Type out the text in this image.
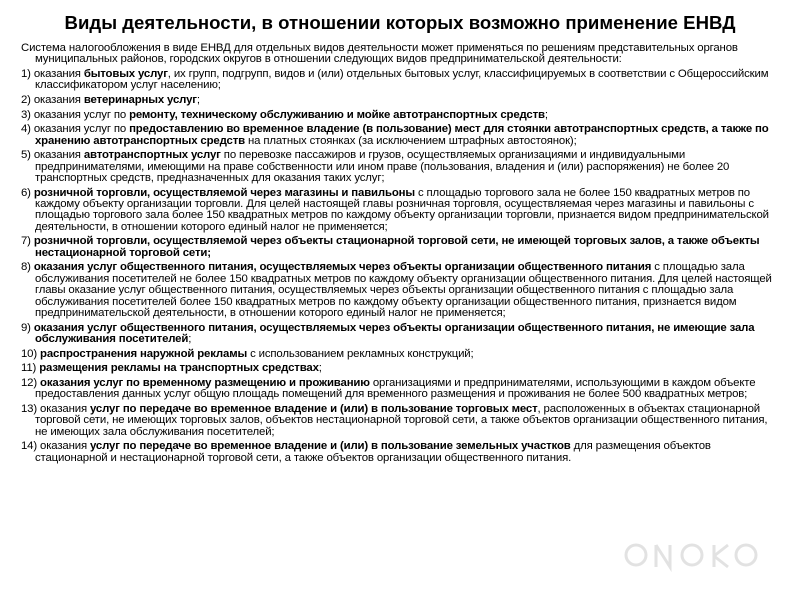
Виды деятельности, в отношении которых возможно применение ЕНВД

Система налогообложения в виде ЕНВД для отдельных видов деятельности может применяться по решениям представительных органов муниципальных районов, городских округов в отношении следующих видов предпринимательской деятельности:

1) оказания бытовых услуг, их групп, подгрупп, видов и (или) отдельных бытовых услуг, классифицируемых в соответствии с Общероссийским классификатором услуг населению;

2) оказания ветеринарных услуг;

3) оказания услуг по ремонту, техническому обслуживанию и мойке автотранспортных средств;

4) оказания услуг по предоставлению во временное владение (в пользование) мест для стоянки автотранспортных средств, а также по хранению автотранспортных средств на платных стоянках (за исключением штрафных автостоянок);

5) оказания автотранспортных услуг по перевозке пассажиров и грузов, осуществляемых организациями и индивидуальными предпринимателями, имеющими на праве собственности или ином праве (пользования, владения и (или) распоряжения) не более 20 транспортных средств, предназначенных для оказания таких услуг;

6) розничной торговли, осуществляемой через магазины и павильоны с площадью торгового зала не более 150 квадратных метров по каждому объекту организации торговли. Для целей настоящей главы розничная торговля, осуществляемая через магазины и павильоны с площадью торгового зала более 150 квадратных метров по каждому объекту организации торговли, признается видом предпринимательской деятельности, в отношении которого единый налог не применяется;

7) розничной торговли, осуществляемой через объекты стационарной торговой сети, не имеющей торговых залов, а также объекты нестационарной торговой сети;

8) оказания услуг общественного питания, осуществляемых через объекты организации общественного питания с площадью зала обслуживания посетителей не более 150 квадратных метров по каждому объекту организации общественного питания. Для целей настоящей главы оказание услуг общественного питания, осуществляемых через объекты организации общественного питания с площадью зала обслуживания посетителей более 150 квадратных метров по каждому объекту организации общественного питания, признается видом предпринимательской деятельности, в отношении которого единый налог не применяется;

9) оказания услуг общественного питания, осуществляемых через объекты организации общественного питания, не имеющие зала обслуживания посетителей;

10) распространения наружной рекламы с использованием рекламных конструкций;

11) размещения рекламы на транспортных средствах;

12) оказания услуг по временному размещению и проживанию организациями и предпринимателями, использующими в каждом объекте предоставления данных услуг общую площадь помещений для временного размещения и проживания не более 500 квадратных метров;

13) оказания услуг по передаче во временное владение и (или) в пользование торговых мест, расположенных в объектах стационарной торговой сети, не имеющих торговых залов, объектов нестационарной торговой сети, а также объектов организации общественного питания, не имеющих зала обслуживания посетителей;

14) оказания услуг по передаче во временное владение и (или) в пользование земельных участков для размещения объектов стационарной и нестационарной торговой сети, а также объектов организации общественного питания.
